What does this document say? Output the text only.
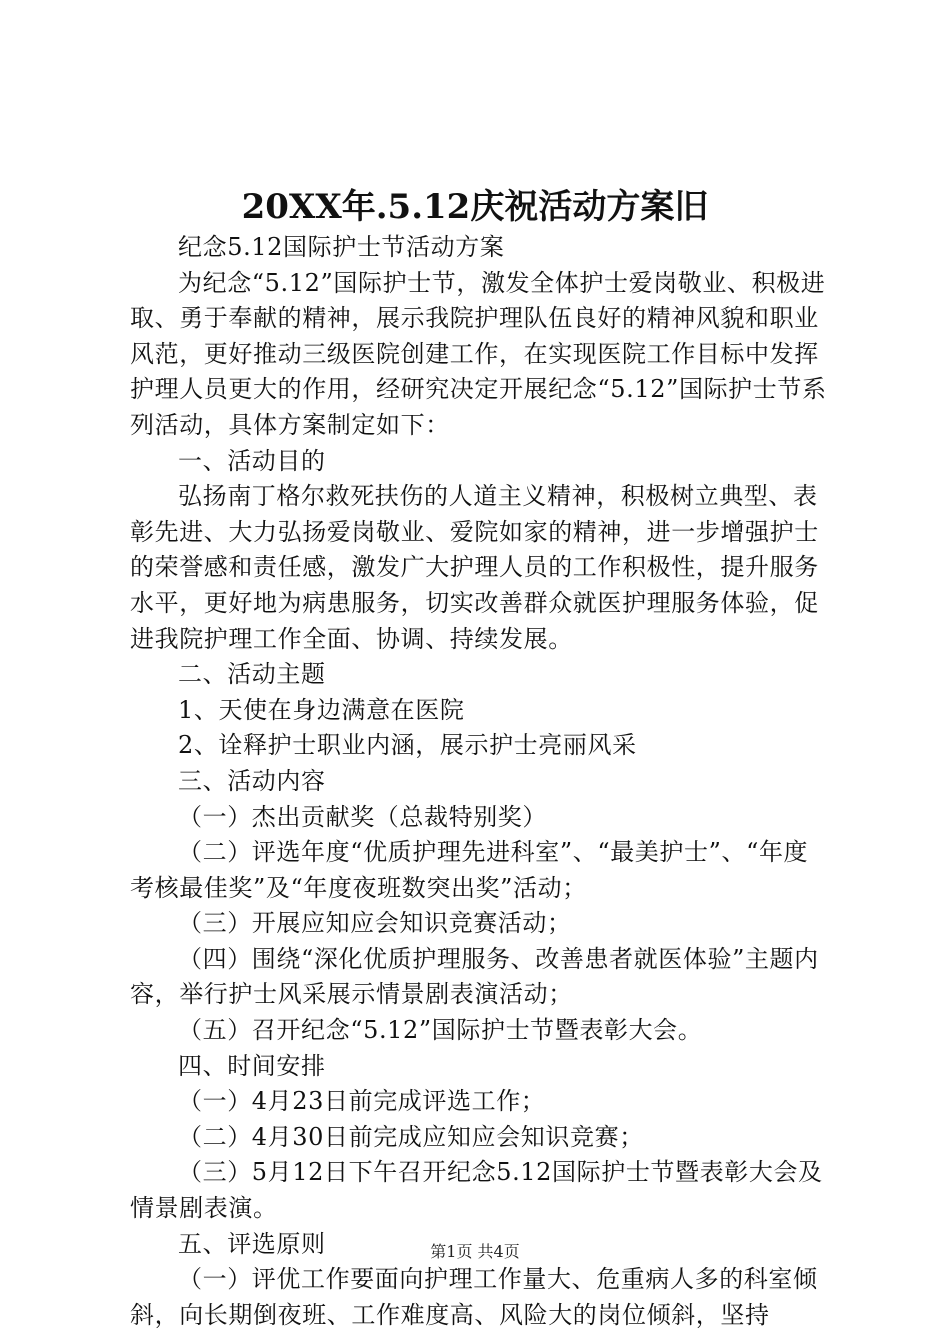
20XX年.5.12庆祝活动方案旧

纪念5.12国际护士节活动方案

为纪念“5.12”国际护士节，激发全体护士爱岗敬业、积极进取、勇于奉献的精神，展示我院护理队伍良好的精神风貌和职业风范，更好推动三级医院创建工作，在实现医院工作目标中发挥护理人员更大的作用，经研究决定开展纪念“5.12”国际护士节系列活动，具体方案制定如下：

一、活动目的

弘扬南丁格尔救死扶伤的人道主义精神，积极树立典型、表彰先进、大力弘扬爱岗敬业、爱院如家的精神，进一步增强护士的荣誉感和责任感，激发广大护理人员的工作积极性，提升服务水平，更好地为病患服务，切实改善群众就医护理服务体验，促进我院护理工作全面、协调、持续发展。

二、活动主题

1、天使在身边满意在医院

2、诠释护士职业内涵，展示护士亮丽风采

三、活动内容

（一）杰出贡献奖（总裁特别奖）

（二）评选年度“优质护理先进科室”、“最美护士”、“年度考核最佳奖”及“年度夜班数突出奖”活动；

（三）开展应知应会知识竞赛活动；

（四）围绕“深化优质护理服务、改善患者就医体验”主题内容，举行护士风采展示情景剧表演活动；

（五）召开纪念“5.12”国际护士节暨表彰大会。

四、时间安排

（一）4月23日前完成评选工作；

（二）4月30日前完成应知应会知识竞赛；

（三）5月12日下午召开纪念5.12国际护士节暨表彰大会及情景剧表演。

五、评选原则

（一）评优工作要面向护理工作量大、危重病人多的科室倾斜，向长期倒夜班、工作难度高、风险大的岗位倾斜，坚持

第1页 共4页
